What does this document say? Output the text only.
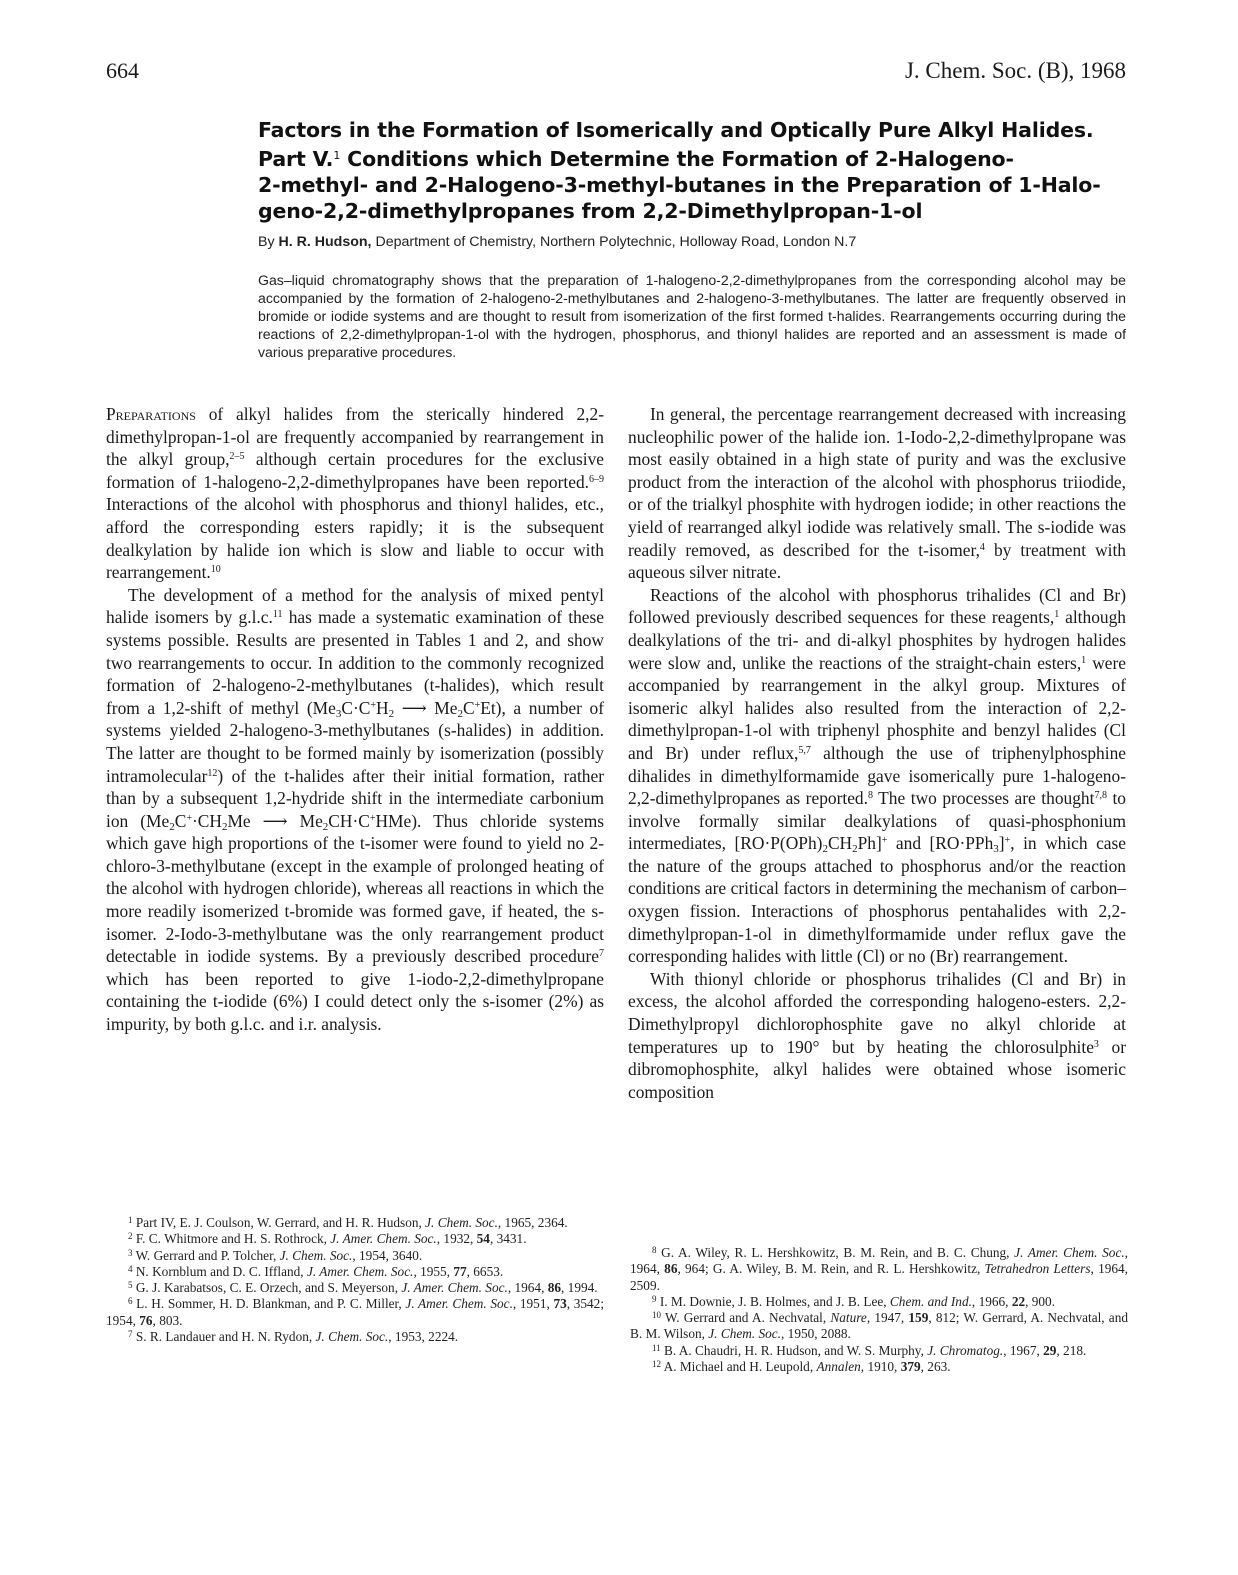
664	J. Chem. Soc. (B), 1968
Factors in the Formation of Isomerically and Optically Pure Alkyl Halides.
Part V.$^1$ Conditions which Determine the Formation of 2-Halogeno-
2-methyl- and 2-Halogeno-3-methyl-butanes in the Preparation of 1-Halo-
geno-2,2-dimethylpropanes from 2,2-Dimethylpropan-1-ol
By H. R. Hudson, Department of Chemistry, Northern Polytechnic, Holloway Road, London N.7
Gas–liquid chromatography shows that the preparation of 1-halogeno-2,2-dimethylpropanes from the corresponding alcohol may be accompanied by the formation of 2-halogeno-2-methylbutanes and 2-halogeno-3-methylbutanes. The latter are frequently observed in bromide or iodide systems and are thought to result from isomerization of the first formed t-halides. Rearrangements occurring during the reactions of 2,2-dimethylpropan-1-ol with the hydrogen, phosphorus, and thionyl halides are reported and an assessment is made of various preparative procedures.

Preparations of alkyl halides from the sterically hindered 2,2-dimethylpropan-1-ol are frequently accompanied by rearrangement in the alkyl group,$^{2-5}$ although certain procedures for the exclusive formation of 1-halogeno-2,2-dimethylpropanes have been reported.$^{6-9}$ Interactions of the alcohol with phosphorus and thionyl halides, etc., afford the corresponding esters rapidly; it is the subsequent dealkylation by halide ion which is slow and liable to occur with rearrangement.$^{10}$

The development of a method for the analysis of mixed pentyl halide isomers by g.l.c.$^{11}$ has made a systematic examination of these systems possible. Results are presented in Tables 1 and 2, and show two rearrangements to occur. In addition to the commonly recognized formation of 2-halogeno-2-methylbutanes (t-halides), which result from a 1,2-shift of methyl ($Me_3C\cdot C^+H_2$ ⟶ $Me_2C^+Et$), a number of systems yielded 2-halogeno-3-methylbutanes (s-halides) in addition. The latter are thought to be formed mainly by isomerization (possibly intramolecular$^{12}$) of the t-halides after their initial formation, rather than by a subsequent 1,2-hydride shift in the intermediate carbonium ion ($Me_2C^+\cdot CH_2Me$ ⟶ $Me_2CH\cdot C^+HMe$). Thus chloride systems which gave high proportions of the t-isomer were found to yield no 2-chloro-3-methylbutane (except in the example of prolonged heating of the alcohol with hydrogen chloride), whereas all reactions in which the more readily isomerized t-bromide was formed gave, if heated, the s-isomer. 2-Iodo-3-methylbutane was the only rearrangement product detectable in iodide systems. By a previously described procedure$^7$ which has been reported to give 1-iodo-2,2-dimethylpropane containing the t-iodide (6%) I could detect only the s-isomer (2%) as impurity, by both g.l.c. and i.r. analysis.

In general, the percentage rearrangement decreased with increasing nucleophilic power of the halide ion. 1-Iodo-2,2-dimethylpropane was most easily obtained in a high state of purity and was the exclusive product from the interaction of the alcohol with phosphorus triiodide, or of the trialkyl phosphite with hydrogen iodide; in other reactions the yield of rearranged alkyl iodide was relatively small. The s-iodide was readily removed, as described for the t-isomer,$^4$ by treatment with aqueous silver nitrate.

Reactions of the alcohol with phosphorus trihalides (Cl and Br) followed previously described sequences for these reagents,$^1$ although dealkylations of the tri- and di-alkyl phosphites by hydrogen halides were slow and, unlike the reactions of the straight-chain esters,$^1$ were accompanied by rearrangement in the alkyl group. Mixtures of isomeric alkyl halides also resulted from the interaction of 2,2-dimethylpropan-1-ol with triphenyl phosphite and benzyl halides (Cl and Br) under reflux,$^{5,7}$ although the use of triphenylphosphine dihalides in dimethylformamide gave isomerically pure 1-halogeno-2,2-dimethylpropanes as reported.$^8$ The two processes are thought$^{7,8}$ to involve formally similar dealkylations of quasi-phosphonium intermediates, $[RO\cdot P(OPh)_2CH_2Ph]^+$ and [RO·PPh$_3$]+, in which case the nature of the groups attached to phosphorus and/or the reaction conditions are critical factors in determining the mechanism of carbon–oxygen fission. Interactions of phosphorus pentahalides with 2,2-dimethylpropan-1-ol in dimethylformamide under reflux gave the corresponding halides with little (Cl) or no (Br) rearrangement.

With thionyl chloride or phosphorus trihalides (Cl and Br) in excess, the alcohol afforded the corresponding halogeno-esters. 2,2-Dimethylpropyl dichlorophosphite gave no alkyl chloride at temperatures up to 190° but by heating the chlorosulphite$^3$ or dibromophosphite, alkyl halides were obtained whose isomeric composition

$^1$ Part IV, E. J. Coulson, W. Gerrard, and H. R. Hudson, J. Chem. Soc., 1965, 2364.
$^2$ F. C. Whitmore and H. S. Rothrock, J. Amer. Chem. Soc., 1932, 54, 3431.
$^3$ W. Gerrard and P. Tolcher, J. Chem. Soc., 1954, 3640.
$^4$ N. Kornblum and D. C. Iffland, J. Amer. Chem. Soc., 1955, 77, 6653.
$^5$ G. J. Karabatsos, C. E. Orzech, and S. Meyerson, J. Amer. Chem. Soc., 1964, 86, 1994.
$^6$ L. H. Sommer, H. D. Blankman, and P. C. Miller, J. Amer. Chem. Soc., 1951, 73, 3542; 1954, 76, 803.
$^7$ S. R. Landauer and H. N. Rydon, J. Chem. Soc., 1953, 2224.
$^8$ G. A. Wiley, R. L. Hershkowitz, B. M. Rein, and B. C. Chung, J. Amer. Chem. Soc., 1964, 86, 964; G. A. Wiley, B. M. Rein, and R. L. Hershkowitz, Tetrahedron Letters, 1964, 2509.
$^9$ I. M. Downie, J. B. Holmes, and J. B. Lee, Chem. and Ind., 1966, 22, 900.
$^{10}$ W. Gerrard and A. Nechvatal, Nature, 1947, 159, 812; W. Gerrard, A. Nechvatal, and B. M. Wilson, J. Chem. Soc., 1950, 2088.
$^{11}$ B. A. Chaudri, H. R. Hudson, and W. S. Murphy, J. Chromatog., 1967, 29, 218.
$^{12}$ A. Michael and H. Leupold, Annalen, 1910, 379, 263.
